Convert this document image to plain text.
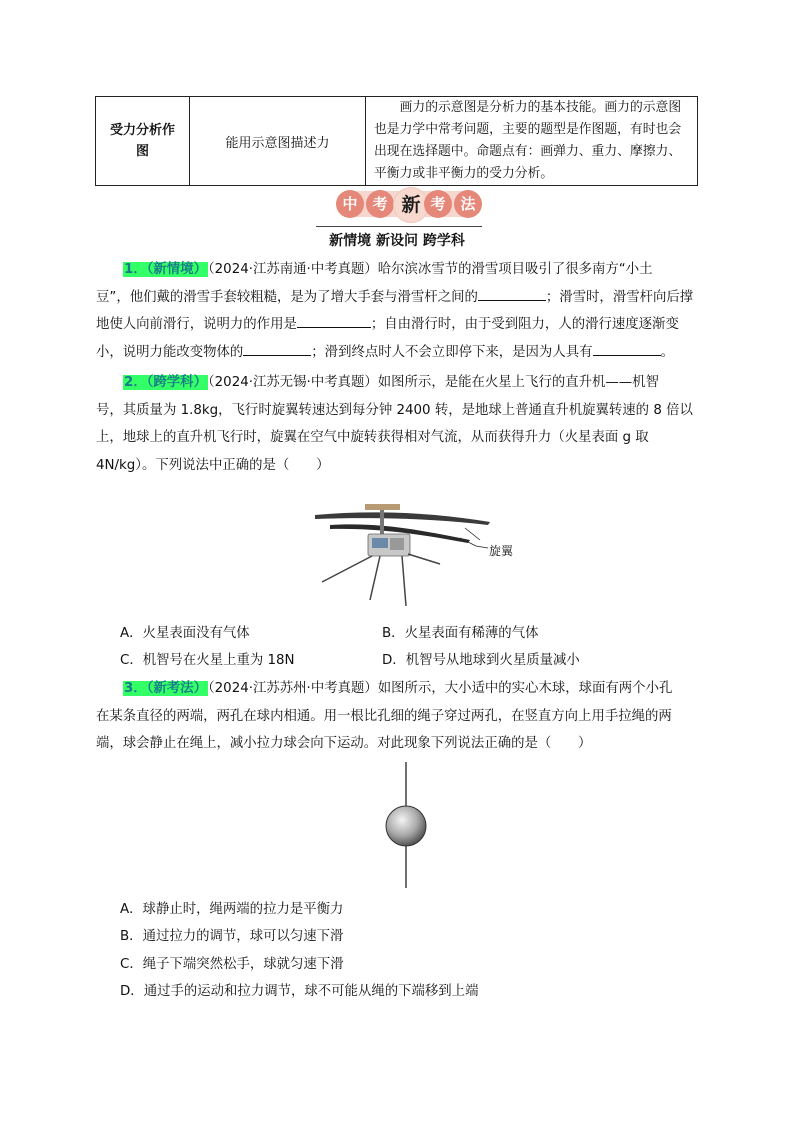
受力分析作
图	能用示意图描述力	画力的示意图是分析力的基本技能。画力的示意图也是力学中常考问题，主要的题型是作图题，有时也会出现在选择题中。命题点有：画弹力、重力、摩擦力、平衡力或非平衡力的受力分析。
中 考 新 考 法
新情境 新设问 跨学科
1．（新情境）（2024·江苏南通·中考真题）哈尔滨冰雪节的滑雪项目吸引了很多南方“小土
豆”，他们戴的滑雪手套较粗糙，是为了增大手套与滑雪杆之间的	；滑雪时，滑雪杆向后撑
地使人向前滑行，说明力的作用是	；自由滑行时，由于受到阻力，人的滑行速度逐渐变
小，说明力能改变物体的	；滑到终点时人不会立即停下来，是因为人具有	。
2．（跨学科）（2024·江苏无锡·中考真题）如图所示，是能在火星上飞行的直升机——机智
号，其质量为 1.8kg，飞行时旋翼转速达到每分钟 2400 转，是地球上普通直升机旋翼转速的 8 倍以
上，地球上的直升机飞行时，旋翼在空气中旋转获得相对气流，从而获得升力（火星表面 g 取
4N/kg）。下列说法中正确的是（　　）
旋翼
A．火星表面没有气体	B．火星表面有稀薄的气体
C．机智号在火星上重为 18N	D．机智号从地球到火星质量减小
3．（新考法）（2024·江苏苏州·中考真题）如图所示，大小适中的实心木球，球面有两个小孔
在某条直径的两端，两孔在球内相通。用一根比孔细的绳子穿过两孔，在竖直方向上用手拉绳的两
端，球会静止在绳上，减小拉力球会向下运动。对此现象下列说法正确的是（　　）
A．球静止时，绳两端的拉力是平衡力
B．通过拉力的调节，球可以匀速下滑
C．绳子下端突然松手，球就匀速下滑
D．通过手的运动和拉力调节，球不可能从绳的下端移到上端
